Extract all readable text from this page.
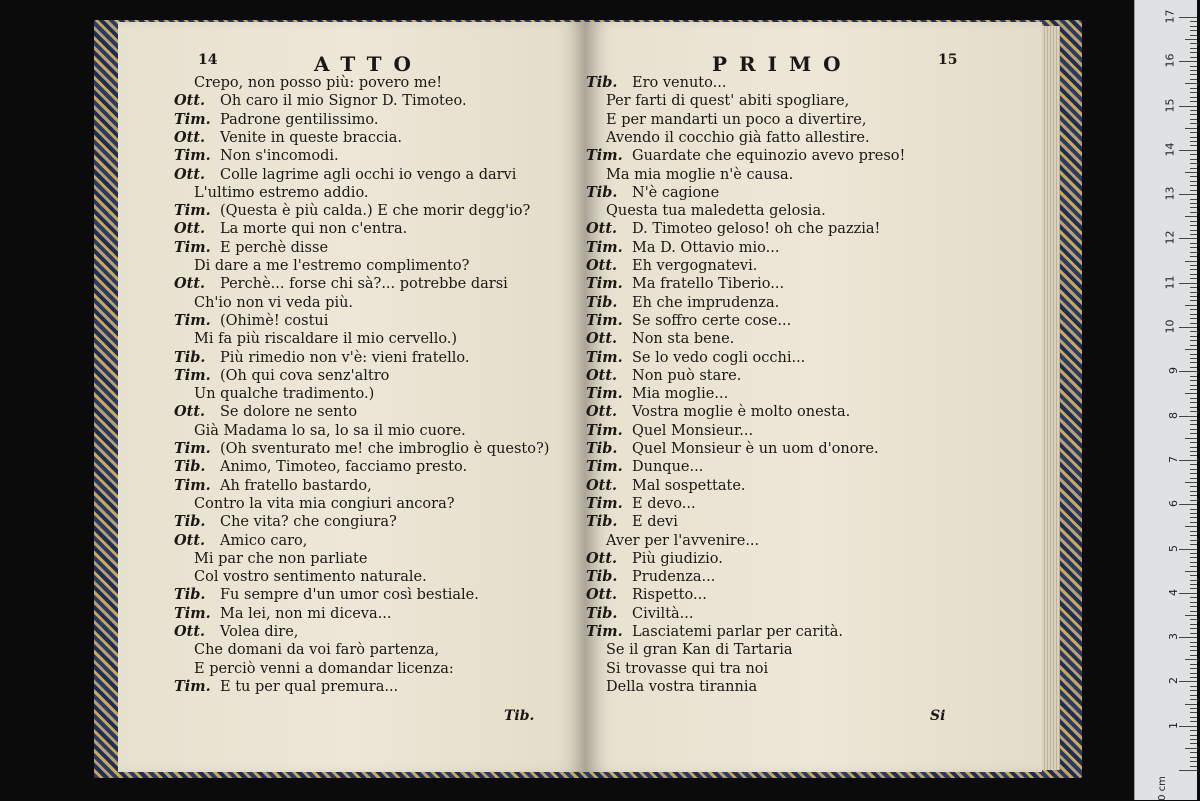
14	ATTO
Crepo, non posso più: povero me!
Ott. Oh caro il mio Signor D. Timoteo.
Tim. Padrone gentilissimo.
Ott. Venite in queste braccia.
Tim. Non s'incomodi.
Ott. Colle lagrime agli occhi io vengo a darvi
L'ultimo estremo addio.
Tim. (Questa è più calda.) E che morir degg'io?
Ott. La morte qui non c'entra.
Tim. E perchè disse
Di dare a me l'estremo complimento?
Ott. Perchè... forse chi sà?... potrebbe darsi
Ch'io non vi veda più.
Tim. (Ohimè! costui
Mi fa più riscaldare il mio cervello.)
Tib. Più rimedio non v'è: vieni fratello.
Tim. (Oh qui cova senz'altro
Un qualche tradimento.)
Ott. Se dolore ne sento
Già Madama lo sa, lo sa il mio cuore.
Tim. (Oh sventurato me! che imbroglio è questo?)
Tib. Animo, Timoteo, facciamo presto.
Tim. Ah fratello bastardo,
Contro la vita mia congiuri ancora?
Tib. Che vita? che congiura?
Ott. Amico caro,
Mi par che non parliate
Col vostro sentimento naturale.
Tib. Fu sempre d'un umor così bestiale.
Tim. Ma lei, non mi diceva...
Ott. Volea dire,
Che domani da voi farò partenza,
E perciò venni a domandar licenza:
Tim. E tu per qual premura...
Tib.
PRIMO	15
Tib. Ero venuto...
Per farti di quest' abiti spogliare,
E per mandarti un poco a divertire,
Avendo il cocchio già fatto allestire.
Tim. Guardate che equinozio avevo preso!
Ma mia moglie n'è causa.
Tib. N'è cagione
Questa tua maledetta gelosia.
Ott. D. Timoteo geloso! oh che pazzia!
Tim. Ma D. Ottavio mio...
Ott. Eh vergognatevi.
Tim. Ma fratello Tiberio...
Tib. Eh che imprudenza.
Tim. Se soffro certe cose...
Ott. Non sta bene.
Tim. Se lo vedo cogli occhi...
Ott. Non può stare.
Tim. Mia moglie...
Ott. Vostra moglie è molto onesta.
Tim. Quel Monsieur...
Tib. Quel Monsieur è un uom d'onore.
Tim. Dunque...
Ott. Mal sospettate.
Tim. E devo...
Tib. E devi
Aver per l'avvenire...
Ott. Più giudizio.
Tib. Prudenza...
Ott. Rispetto...
Tib. Civiltà...
Tim. Lasciatemi parlar per carità.
Se il gran Kan di Tartaria
Si trovasse qui tra noi
Della vostra tirannia
Si
0 cm
1
2
3
4
5
6
7
8
9
10
11
12
13
14
15
16
17
